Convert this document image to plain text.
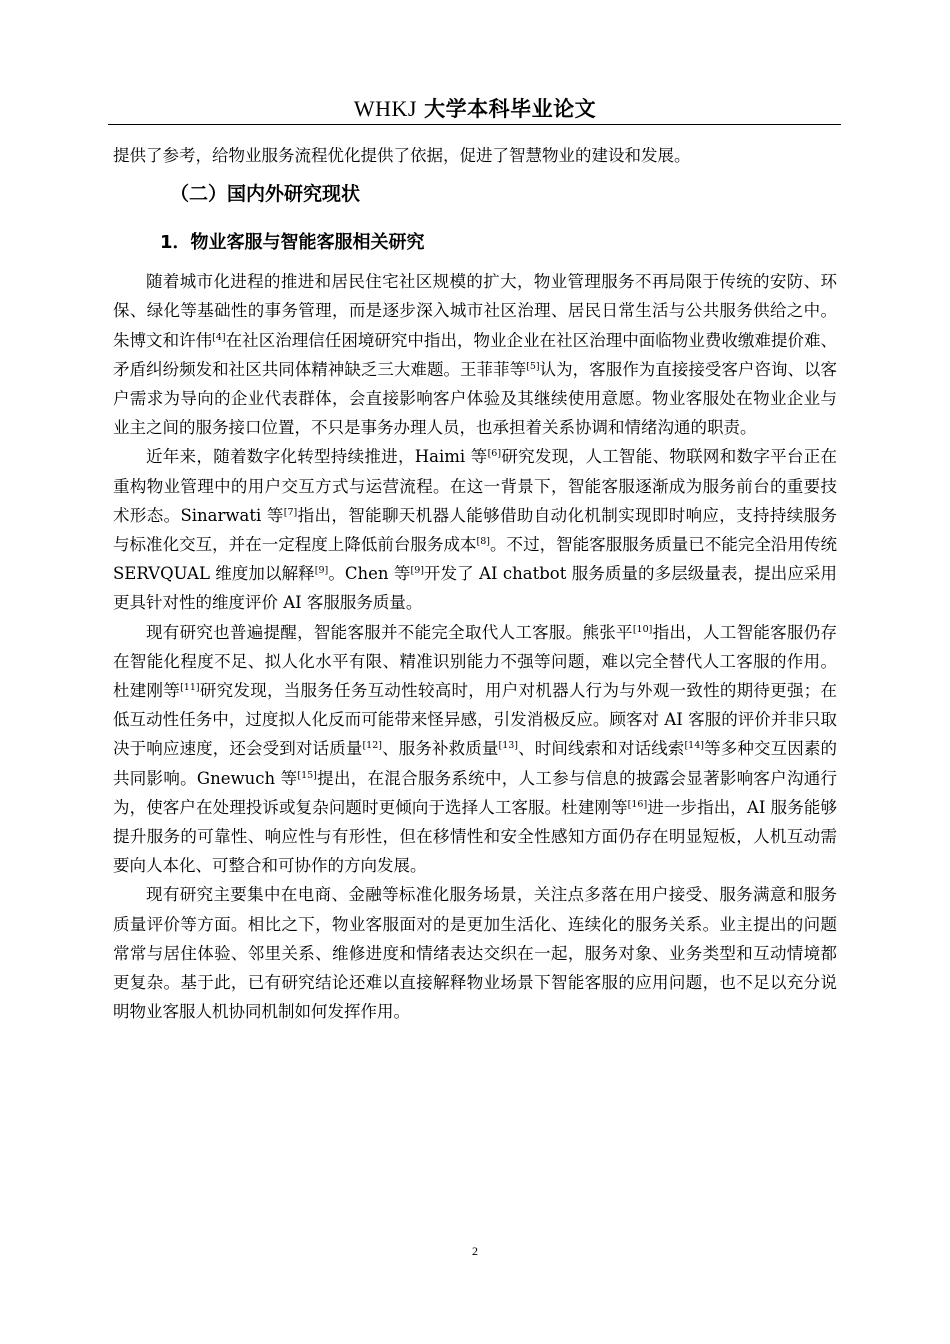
WHKJ 大学本科毕业论文

提供了参考，给物业服务流程优化提供了依据，促进了智慧物业的建设和发展。

（二）国内外研究现状
1．物业客服与智能客服相关研究

随着城市化进程的推进和居民住宅社区规模的扩大，物业管理服务不再局限于传统的安防、环保、绿化等基础性的事务管理，而是逐步深入城市社区治理、居民日常生活与公共服务供给之中。朱博文和许伟[4]在社区治理信任困境研究中指出，物业企业在社区治理中面临物业费收缴难提价难、矛盾纠纷频发和社区共同体精神缺乏三大难题。王菲菲等[5]认为，客服作为直接接受客户咨询、以客户需求为导向的企业代表群体，会直接影响客户体验及其继续使用意愿。物业客服处在物业企业与业主之间的服务接口位置，不只是事务办理人员，也承担着关系协调和情绪沟通的职责。

近年来，随着数字化转型持续推进，Haimi 等[6]研究发现，人工智能、物联网和数字平台正在重构物业管理中的用户交互方式与运营流程。在这一背景下，智能客服逐渐成为服务前台的重要技术形态。Sinarwati 等[7]指出，智能聊天机器人能够借助自动化机制实现即时响应，支持持续服务与标准化交互，并在一定程度上降低前台服务成本[8]。不过，智能客服服务质量已不能完全沿用传统 SERVQUAL 维度加以解释[9]。Chen 等[9]开发了 AI chatbot 服务质量的多层级量表，提出应采用更具针对性的维度评价 AI 客服服务质量。

现有研究也普遍提醒，智能客服并不能完全取代人工客服。熊张平[10]指出，人工智能客服仍存在智能化程度不足、拟人化水平有限、精准识别能力不强等问题，难以完全替代人工客服的作用。杜建刚等[11]研究发现，当服务任务互动性较高时，用户对机器人行为与外观一致性的期待更强；在低互动性任务中，过度拟人化反而可能带来怪异感，引发消极反应。顾客对 AI 客服的评价并非只取决于响应速度，还会受到对话质量[12]、服务补救质量[13]、时间线索和对话线索[14]等多种交互因素的共同影响。Gnewuch 等[15]提出，在混合服务系统中，人工参与信息的披露会显著影响客户沟通行为，使客户在处理投诉或复杂问题时更倾向于选择人工客服。杜建刚等[16]进一步指出，AI 服务能够提升服务的可靠性、响应性与有形性，但在移情性和安全性感知方面仍存在明显短板，人机互动需要向人本化、可整合和可协作的方向发展。

现有研究主要集中在电商、金融等标准化服务场景，关注点多落在用户接受、服务满意和服务质量评价等方面。相比之下，物业客服面对的是更加生活化、连续化的服务关系。业主提出的问题常常与居住体验、邻里关系、维修进度和情绪表达交织在一起，服务对象、业务类型和互动情境都更复杂。基于此，已有研究结论还难以直接解释物业场景下智能客服的应用问题，也不足以充分说明物业客服人机协同机制如何发挥作用。

2
